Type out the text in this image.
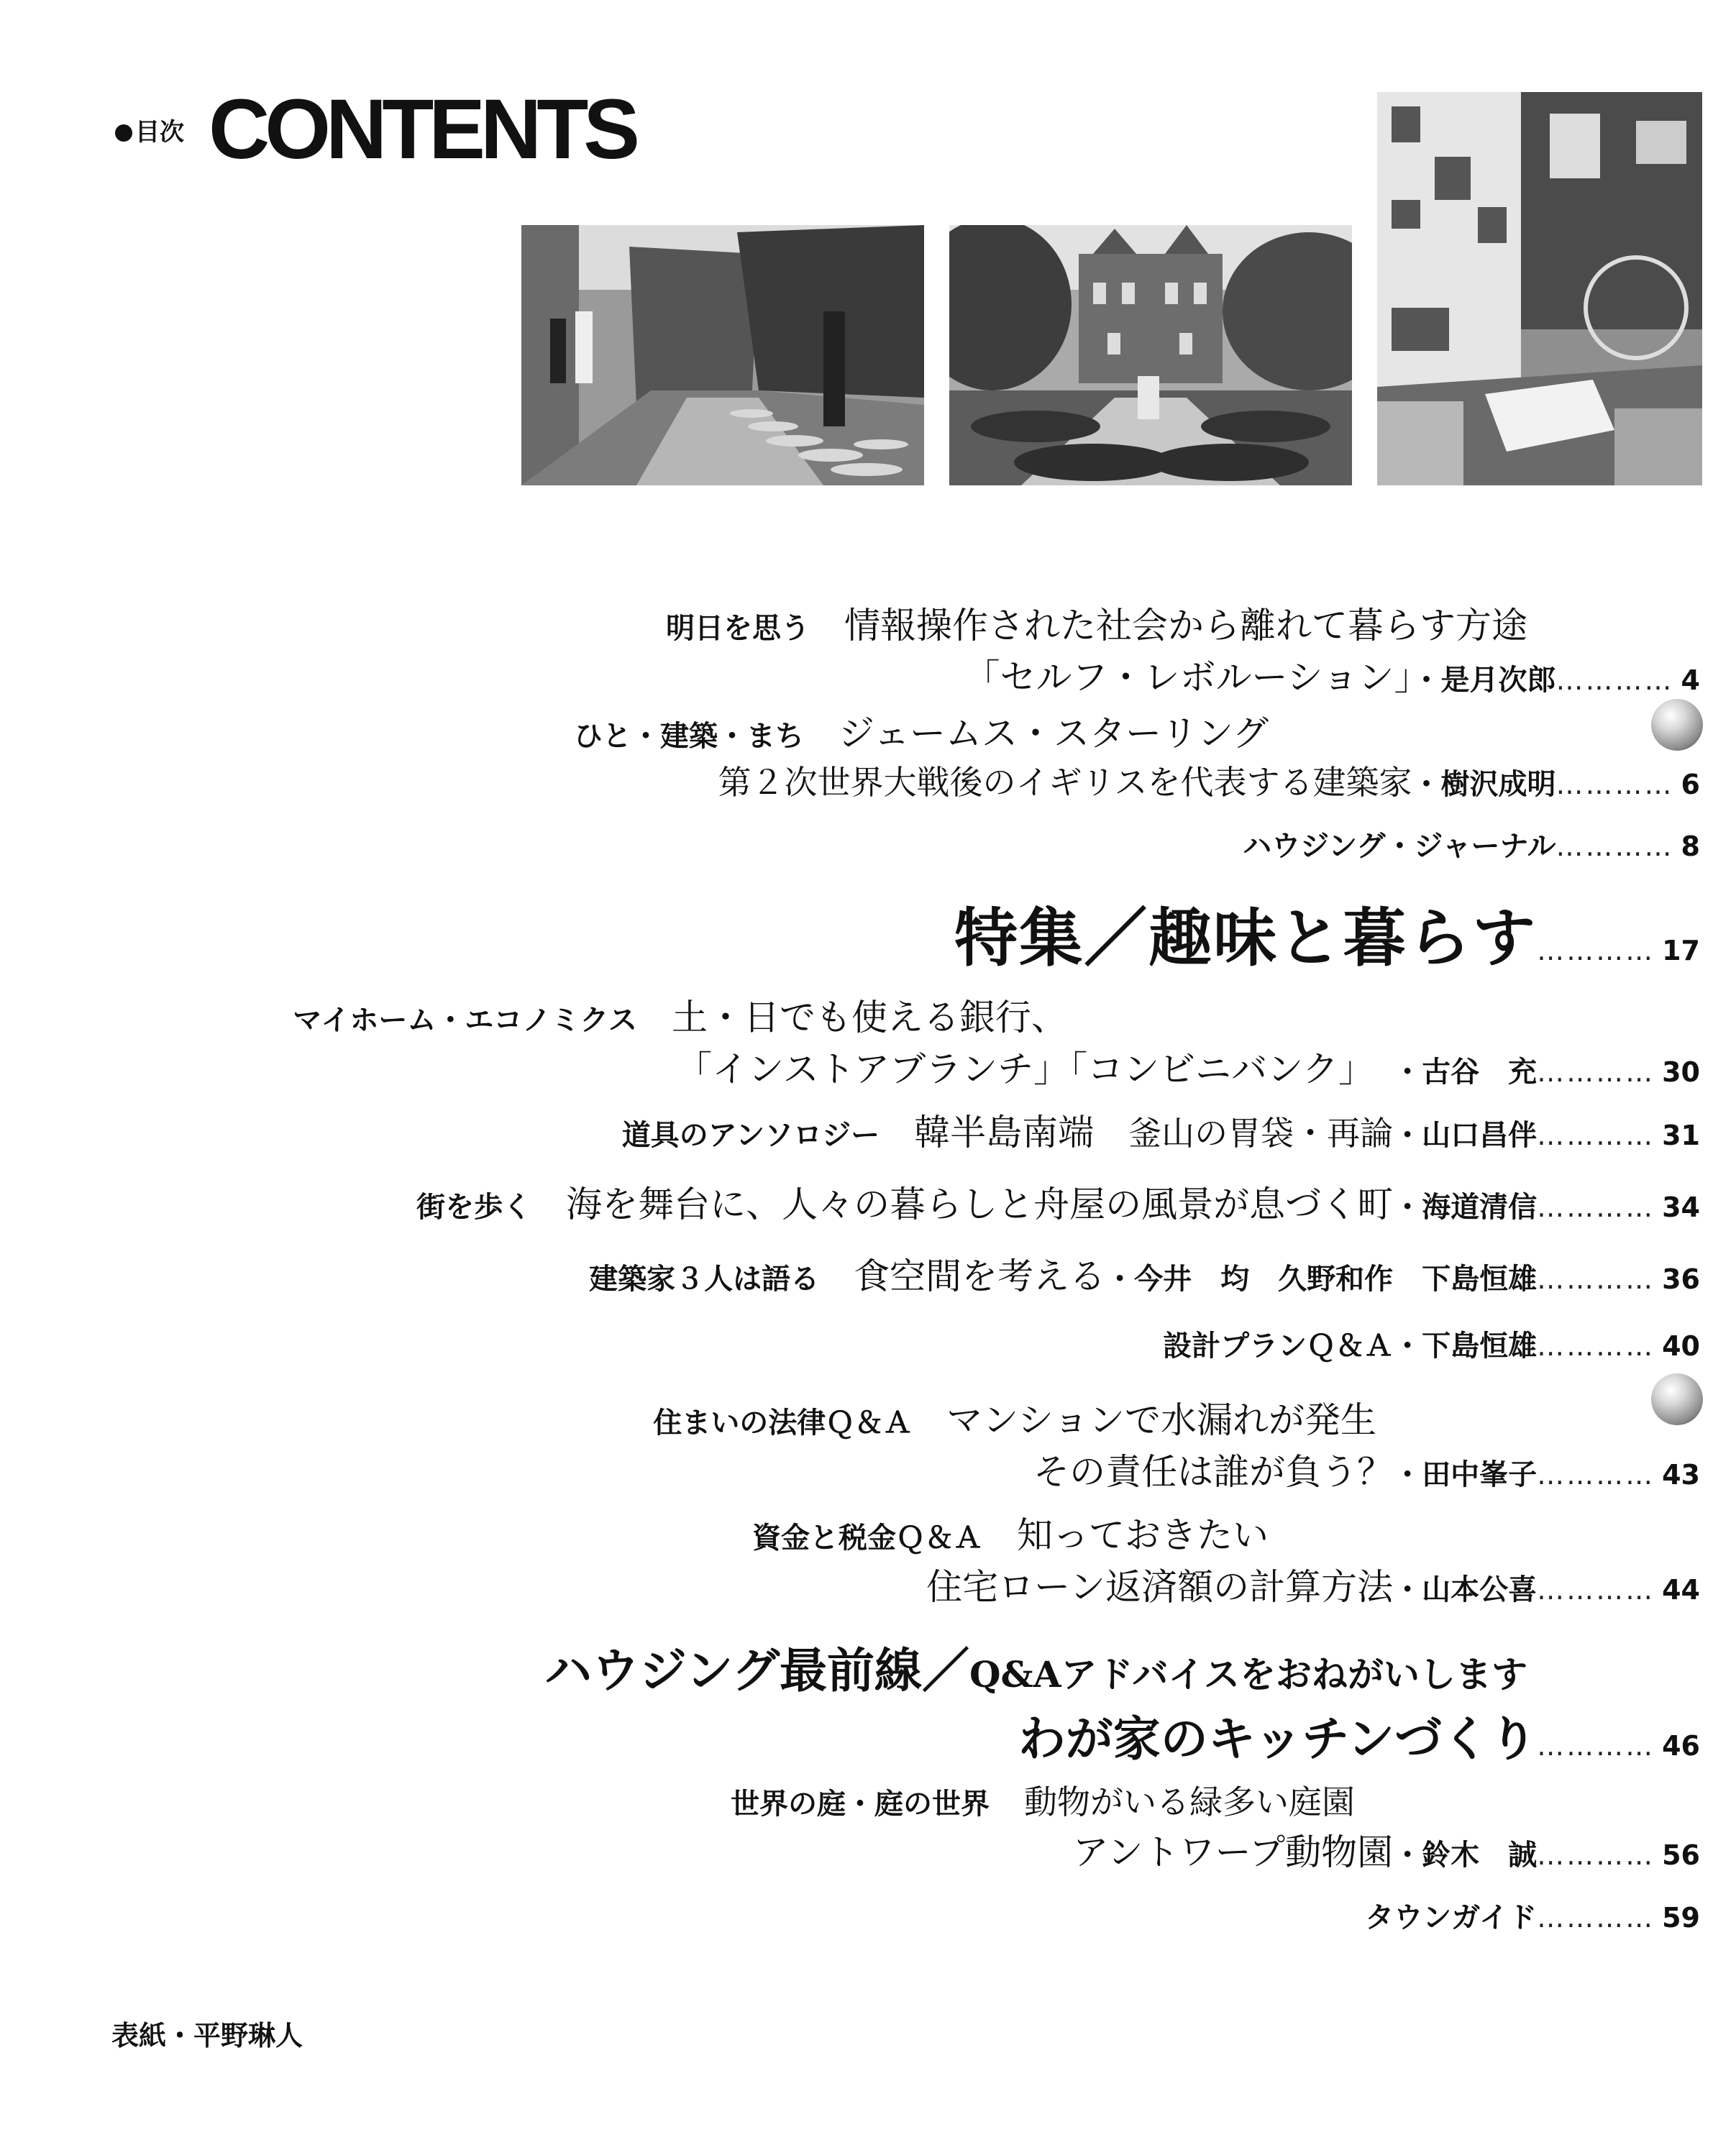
目次 CONTENTS
明日を思う 情報操作された社会から離れて暮らす方途
「セルフ・レボルーション」・是月次郎………… 4
ひと・建築・まち ジェームス・スターリング
第２次世界大戦後のイギリスを代表する建築家・樹沢成明………… 6
ハウジング・ジャーナル………… 8
特集／趣味と暮らす………… 17
マイホーム・エコノミクス 土・日でも使える銀行、
「インストアブランチ」「コンビニバンク」 ・古谷　充………… 30
道具のアンソロジー 韓半島南端 釜山の胃袋・再論・山口昌伴………… 31
街を歩く 海を舞台に、人々の暮らしと舟屋の風景が息づく町・海道清信………… 34
建築家３人は語る 食空間を考える・今井　均　久野和作　下島恒雄………… 36
設計プランＱ＆Ａ・下島恒雄………… 40
住まいの法律Ｑ＆Ａ マンションで水漏れが発生
その責任は誰が負う？・田中峯子………… 43
資金と税金Ｑ＆Ａ 知っておきたい
住宅ローン返済額の計算方法・山本公喜………… 44
ハウジング最前線／Q&Aアドバイスをおねがいします
わが家のキッチンづくり………… 46
世界の庭・庭の世界 動物がいる緑多い庭園
アントワープ動物園・鈴木　誠………… 56
タウンガイド………… 59
表紙・平野琳人
